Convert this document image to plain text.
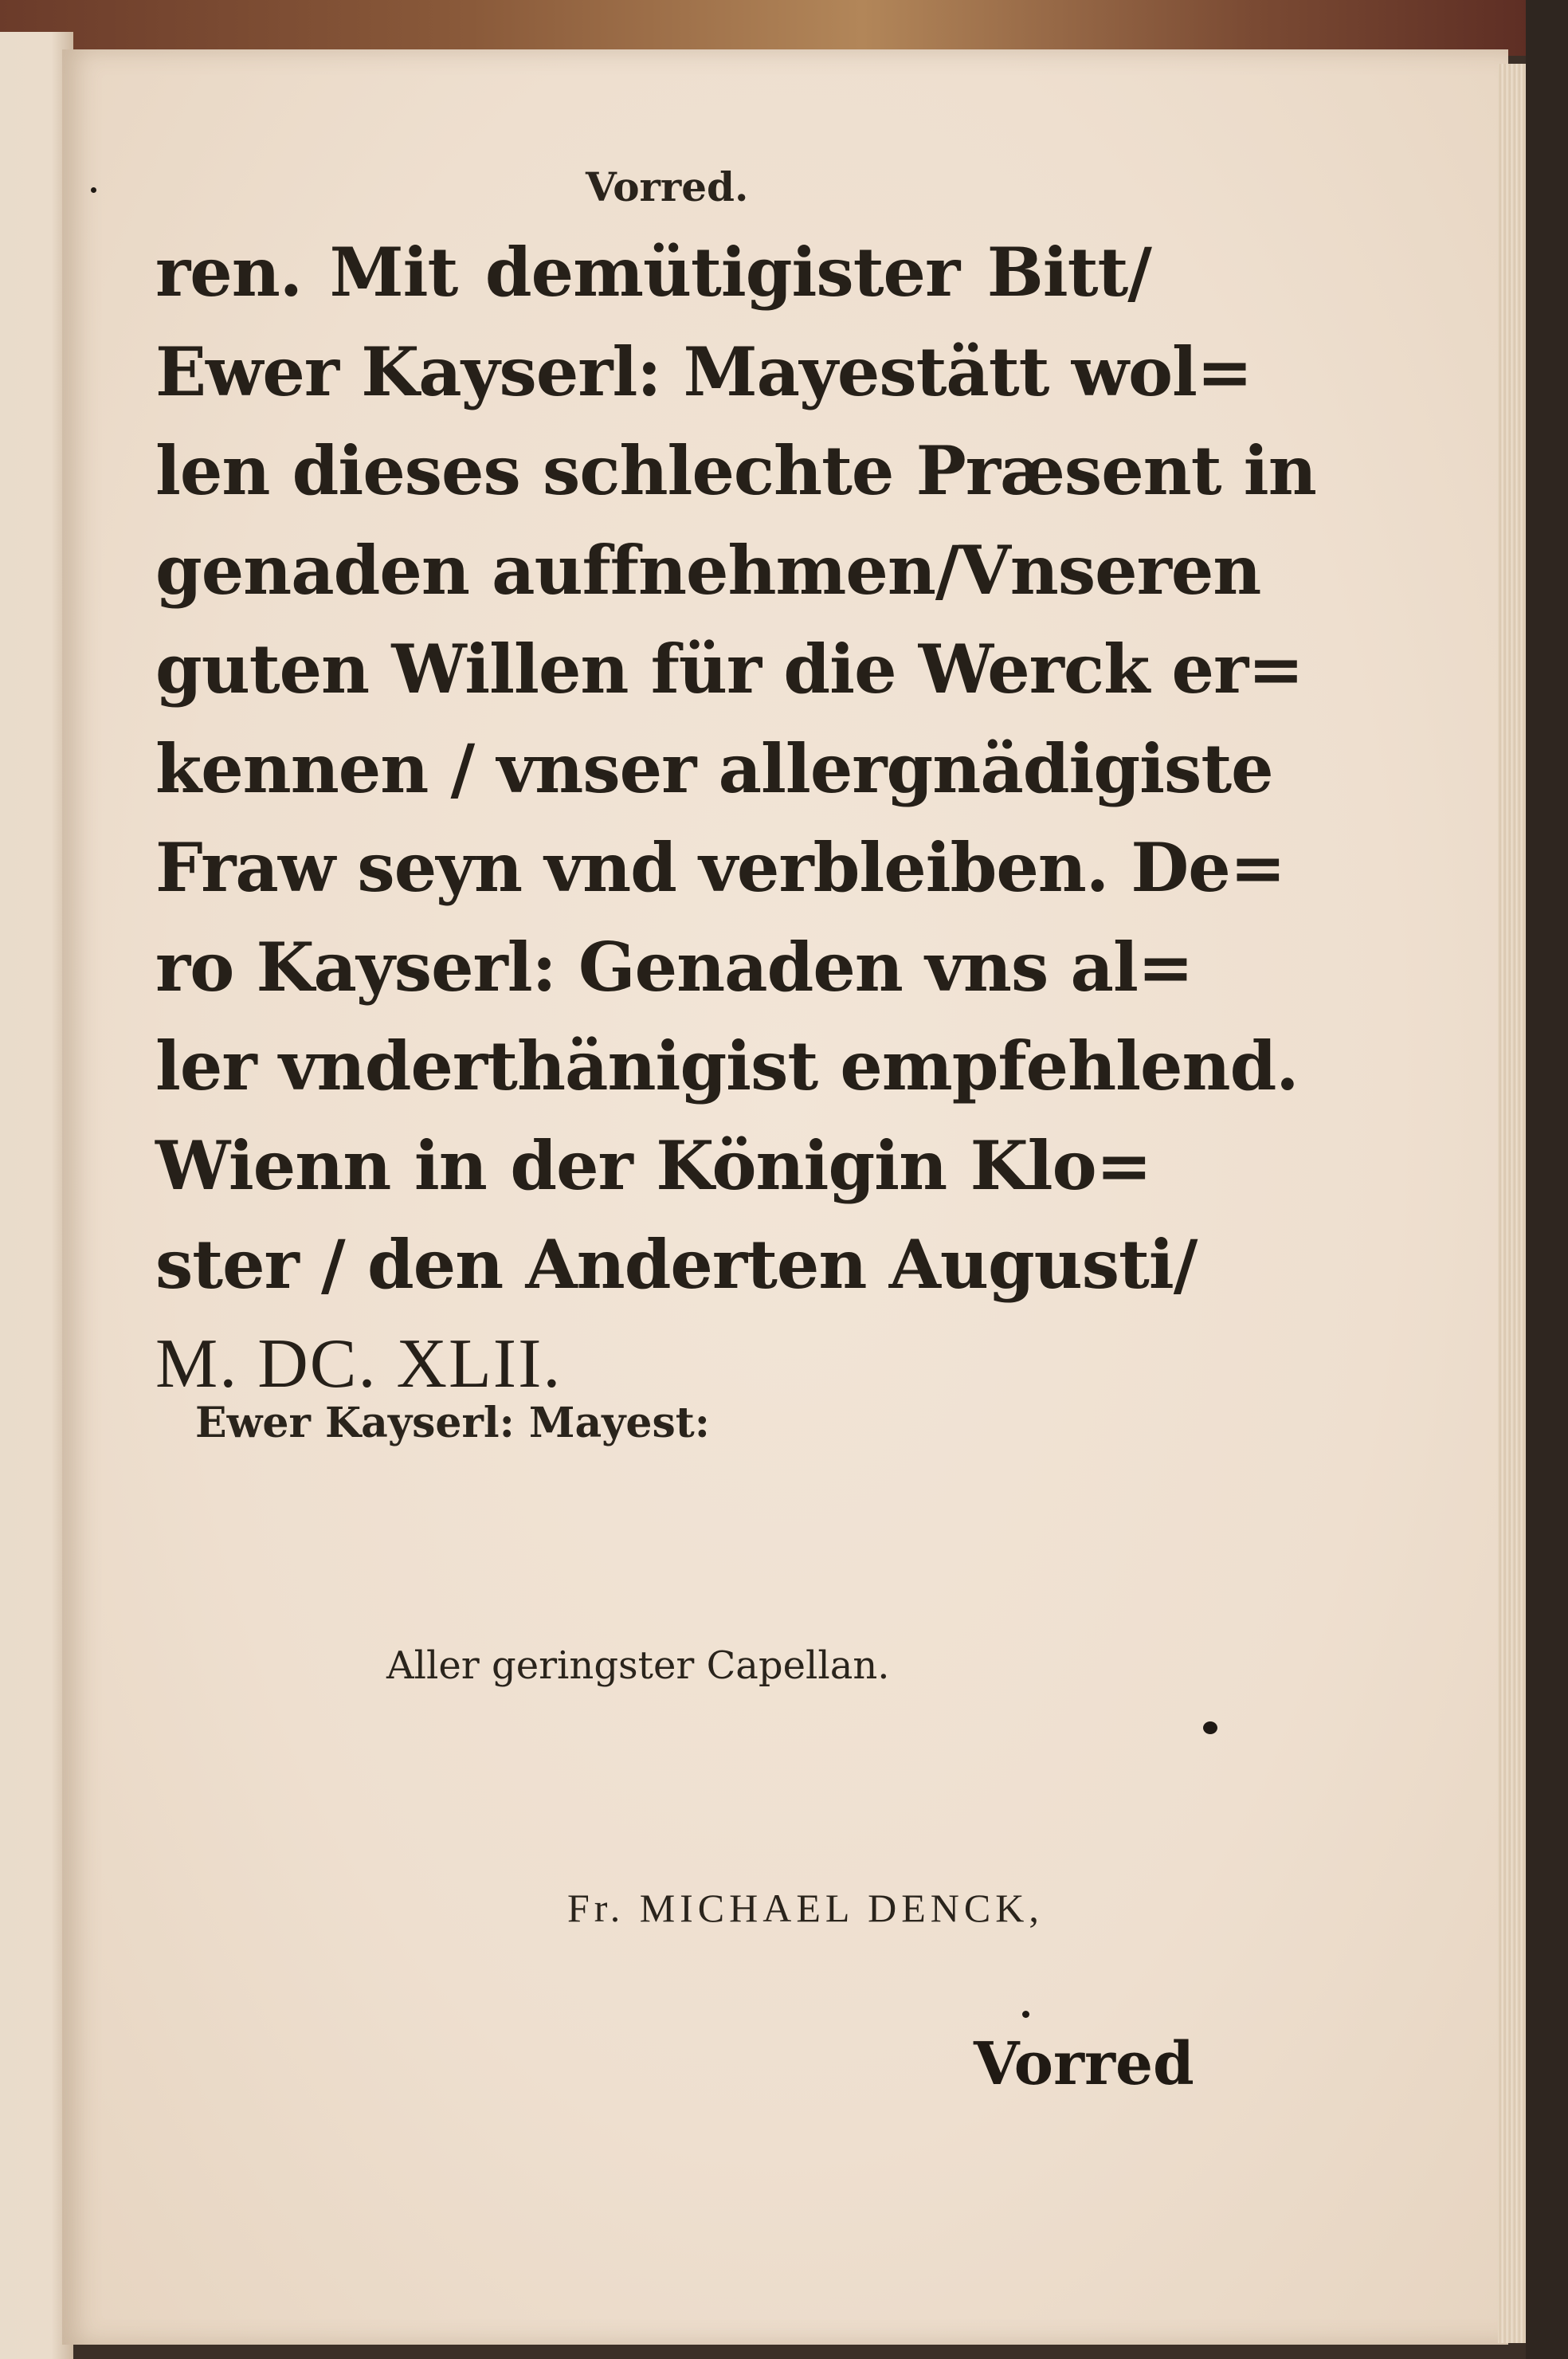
Vorred.
ren. Mit demütigister Bitt/
Ewer Kayserl: Mayestätt wol=
len dieses schlechte Præsent in
genaden auffnehmen/Vnseren
guten Willen für die Werck er=
kennen / vnser allergnädigiste
Fraw seyn vnd verbleiben. De=
ro Kayserl: Genaden vns al=
ler vnderthänigist empfehlend.
Wienn in der Königin Klo=
ster / den Anderten Augusti/
M. DC. XLII.
Ewer Kayserl: Mayest:
Aller geringster Capellan.
Fr. MICHAEL DENCK,
Vorred
